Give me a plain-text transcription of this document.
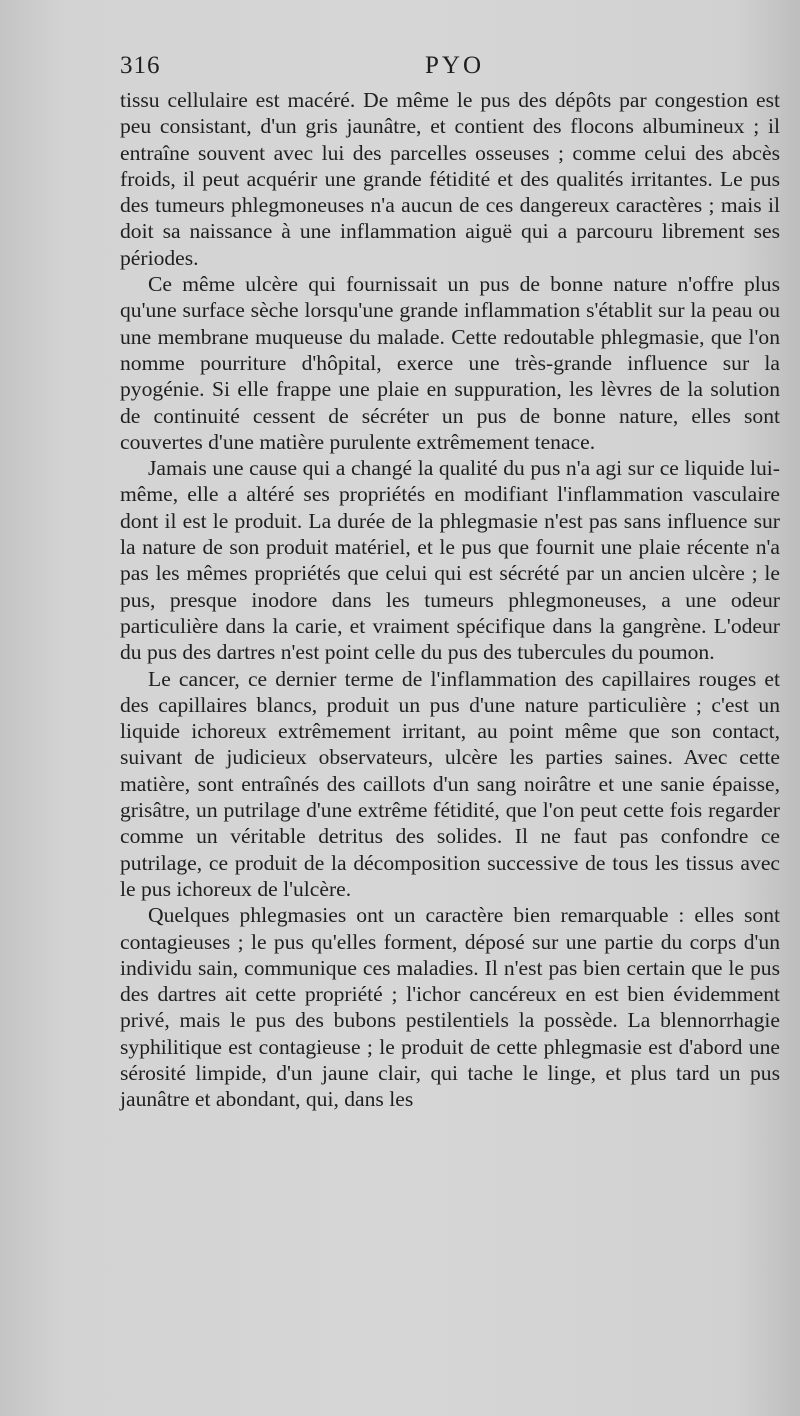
316	PYO

tissu cellulaire est macéré. De même le pus des dépôts par congestion est peu consistant, d'un gris jaunâtre, et contient des flocons albumineux ; il entraîne souvent avec lui des parcelles osseuses ; comme celui des abcès froids, il peut acquérir une grande fétidité et des qualités irritantes. Le pus des tumeurs phlegmoneuses n'a aucun de ces dangereux caractères ; mais il doit sa naissance à une inflammation aiguë qui a parcouru librement ses périodes.

Ce même ulcère qui fournissait un pus de bonne nature n'offre plus qu'une surface sèche lorsqu'une grande inflammation s'établit sur la peau ou une membrane muqueuse du malade. Cette redoutable phlegmasie, que l'on nomme pourriture d'hôpital, exerce une très-grande influence sur la pyogénie. Si elle frappe une plaie en suppuration, les lèvres de la solution de continuité cessent de sécréter un pus de bonne nature, elles sont couvertes d'une matière purulente extrêmement tenace.

Jamais une cause qui a changé la qualité du pus n'a agi sur ce liquide lui-même, elle a altéré ses propriétés en modifiant l'inflammation vasculaire dont il est le produit. La durée de la phlegmasie n'est pas sans influence sur la nature de son produit matériel, et le pus que fournit une plaie récente n'a pas les mêmes propriétés que celui qui est sécrété par un ancien ulcère ; le pus, presque inodore dans les tumeurs phlegmoneuses, a une odeur particulière dans la carie, et vraiment spécifique dans la gangrène. L'odeur du pus des dartres n'est point celle du pus des tubercules du poumon.

Le cancer, ce dernier terme de l'inflammation des capillaires rouges et des capillaires blancs, produit un pus d'une nature particulière ; c'est un liquide ichoreux extrêmement irritant, au point même que son contact, suivant de judicieux observateurs, ulcère les parties saines. Avec cette matière, sont entraînés des caillots d'un sang noirâtre et une sanie épaisse, grisâtre, un putrilage d'une extrême fétidité, que l'on peut cette fois regarder comme un véritable detritus des solides. Il ne faut pas confondre ce putrilage, ce produit de la décomposition successive de tous les tissus avec le pus ichoreux de l'ulcère.

Quelques phlegmasies ont un caractère bien remarquable : elles sont contagieuses ; le pus qu'elles forment, déposé sur une partie du corps d'un individu sain, communique ces maladies. Il n'est pas bien certain que le pus des dartres ait cette propriété ; l'ichor cancéreux en est bien évidemment privé, mais le pus des bubons pestilentiels la possède. La blennorrhagie syphilitique est contagieuse ; le produit de cette phlegmasie est d'abord une sérosité limpide, d'un jaune clair, qui tache le linge, et plus tard un pus jaunâtre et abondant, qui, dans les
